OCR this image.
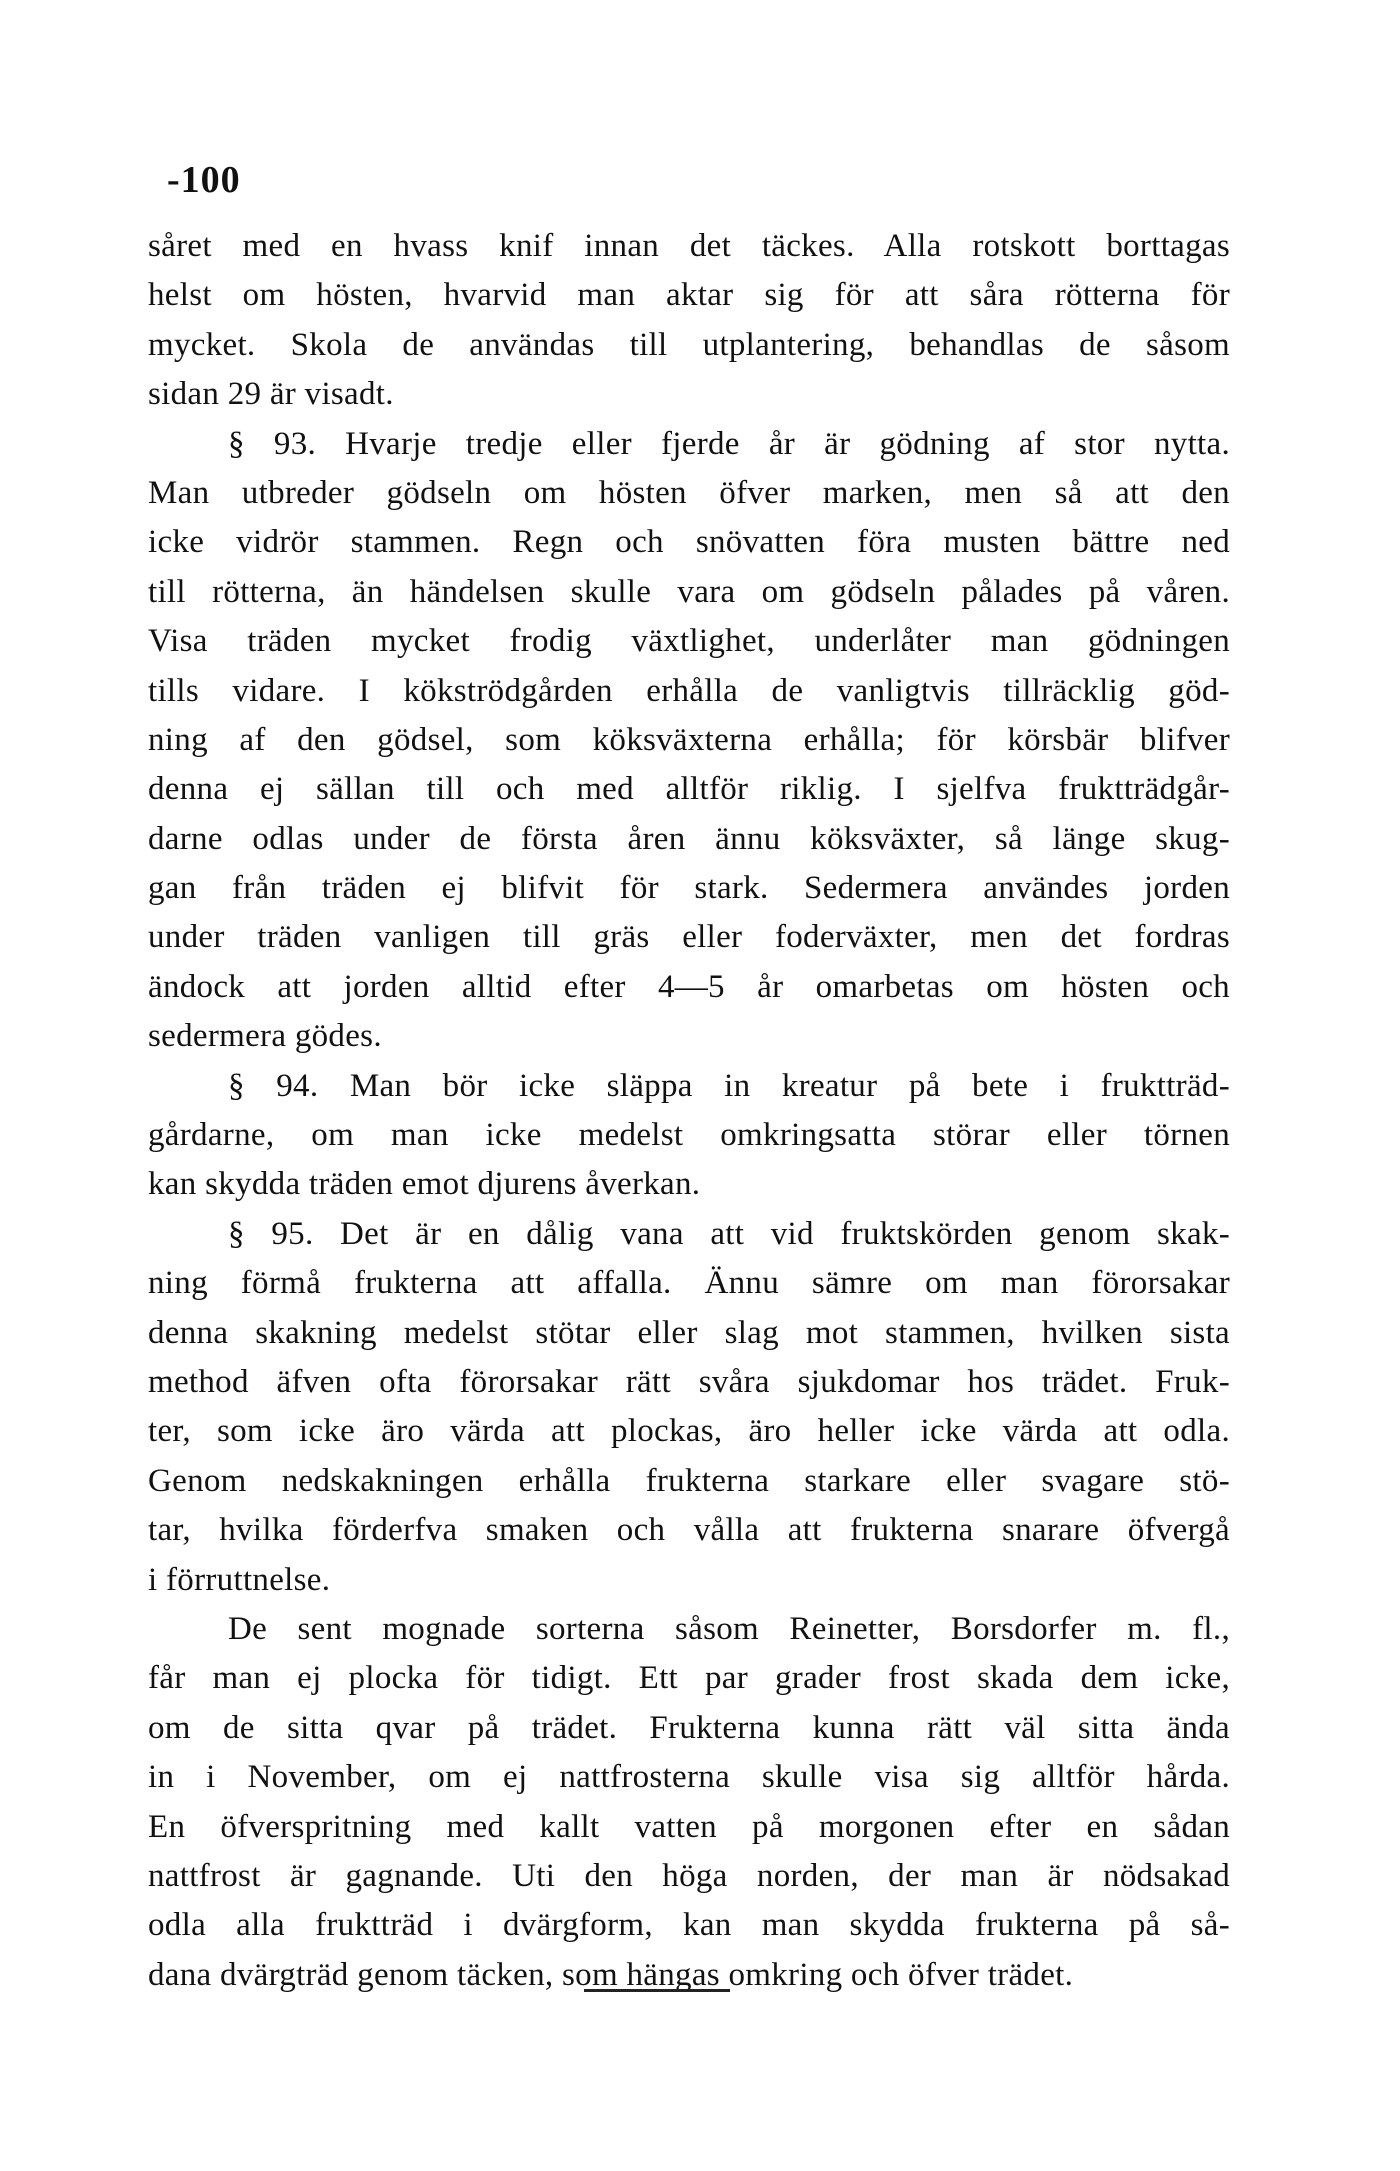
-100
såret med en hvass knif innan det täckes. Alla rotskott borttagas
helst om hösten, hvarvid man aktar sig för att såra rötterna för
mycket. Skola de användas till utplantering, behandlas de såsom
sidan 29 är visadt.
§ 93. Hvarje tredje eller fjerde år är gödning af stor nytta.
Man utbreder gödseln om hösten öfver marken, men så att den
icke vidrör stammen. Regn och snövatten föra musten bättre ned
till rötterna, än händelsen skulle vara om gödseln pålades på våren.
Visa träden mycket frodig växtlighet, underlåter man gödningen
tills vidare. I kökströdgården erhålla de vanligtvis tillräcklig göd-
ning af den gödsel, som köksväxterna erhålla; för körsbär blifver
denna ej sällan till och med alltför riklig. I sjelfva fruktträdgår-
darne odlas under de första åren ännu köksväxter, så länge skug-
gan från träden ej blifvit för stark. Sedermera användes jorden
under träden vanligen till gräs eller foderväxter, men det fordras
ändock att jorden alltid efter 4—5 år omarbetas om hösten och
sedermera gödes.
§ 94. Man bör icke släppa in kreatur på bete i fruktträd-
gårdarne, om man icke medelst omkringsatta störar eller törnen
kan skydda träden emot djurens åverkan.
§ 95. Det är en dålig vana att vid fruktskörden genom skak-
ning förmå frukterna att affalla. Ännu sämre om man förorsakar
denna skakning medelst stötar eller slag mot stammen, hvilken sista
method äfven ofta förorsakar rätt svåra sjukdomar hos trädet. Fruk-
ter, som icke äro värda att plockas, äro heller icke värda att odla.
Genom nedskakningen erhålla frukterna starkare eller svagare stö-
tar, hvilka förderfva smaken och vålla att frukterna snarare öfvergå
i förruttnelse.
De sent mognade sorterna såsom Reinetter, Borsdorfer m. fl.,
får man ej plocka för tidigt. Ett par grader frost skada dem icke,
om de sitta qvar på trädet. Frukterna kunna rätt väl sitta ända
in i November, om ej nattfrosterna skulle visa sig alltför hårda.
En öfverspritning med kallt vatten på morgonen efter en sådan
nattfrost är gagnande. Uti den höga norden, der man är nödsakad
odla alla fruktträd i dvärgform, kan man skydda frukterna på så-
dana dvärgträd genom täcken, som hängas omkring och öfver trädet.
